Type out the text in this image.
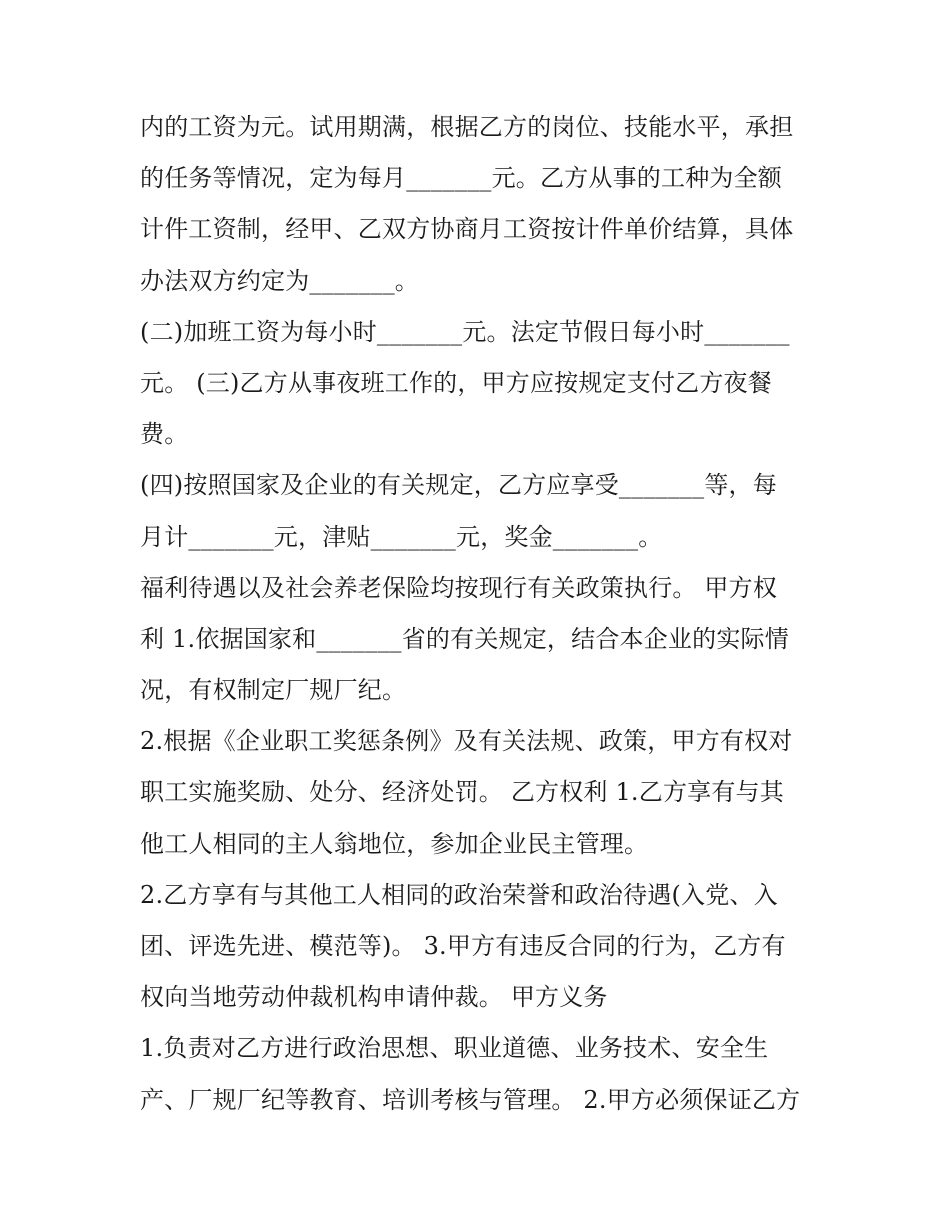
内的工资为元。试用期满，根据乙方的岗位、技能水平，承担
的任务等情况，定为每月_______元。乙方从事的工种为全额
计件工资制，经甲、乙双方协商月工资按计件单价结算，具体
办法双方约定为_______。
(二)加班工资为每小时_______元。法定节假日每小时_______
元。 (三)乙方从事夜班工作的，甲方应按规定支付乙方夜餐
费。
(四)按照国家及企业的有关规定，乙方应享受_______等，每
月计_______元，津贴_______元，奖金_______。
福利待遇以及社会养老保险均按现行有关政策执行。 甲方权
利 1.依据国家和_______省的有关规定，结合本企业的实际情
况，有权制定厂规厂纪。
2.根据《企业职工奖惩条例》及有关法规、政策，甲方有权对
职工实施奖励、处分、经济处罚。 乙方权利 1.乙方享有与其
他工人相同的主人翁地位，参加企业民主管理。
2.乙方享有与其他工人相同的政治荣誉和政治待遇(入党、入
团、评选先进、模范等)。 3.甲方有违反合同的行为，乙方有
权向当地劳动仲裁机构申请仲裁。 甲方义务
1.负责对乙方进行政治思想、职业道德、业务技术、安全生
产、厂规厂纪等教育、培训考核与管理。 2.甲方必须保证乙方
